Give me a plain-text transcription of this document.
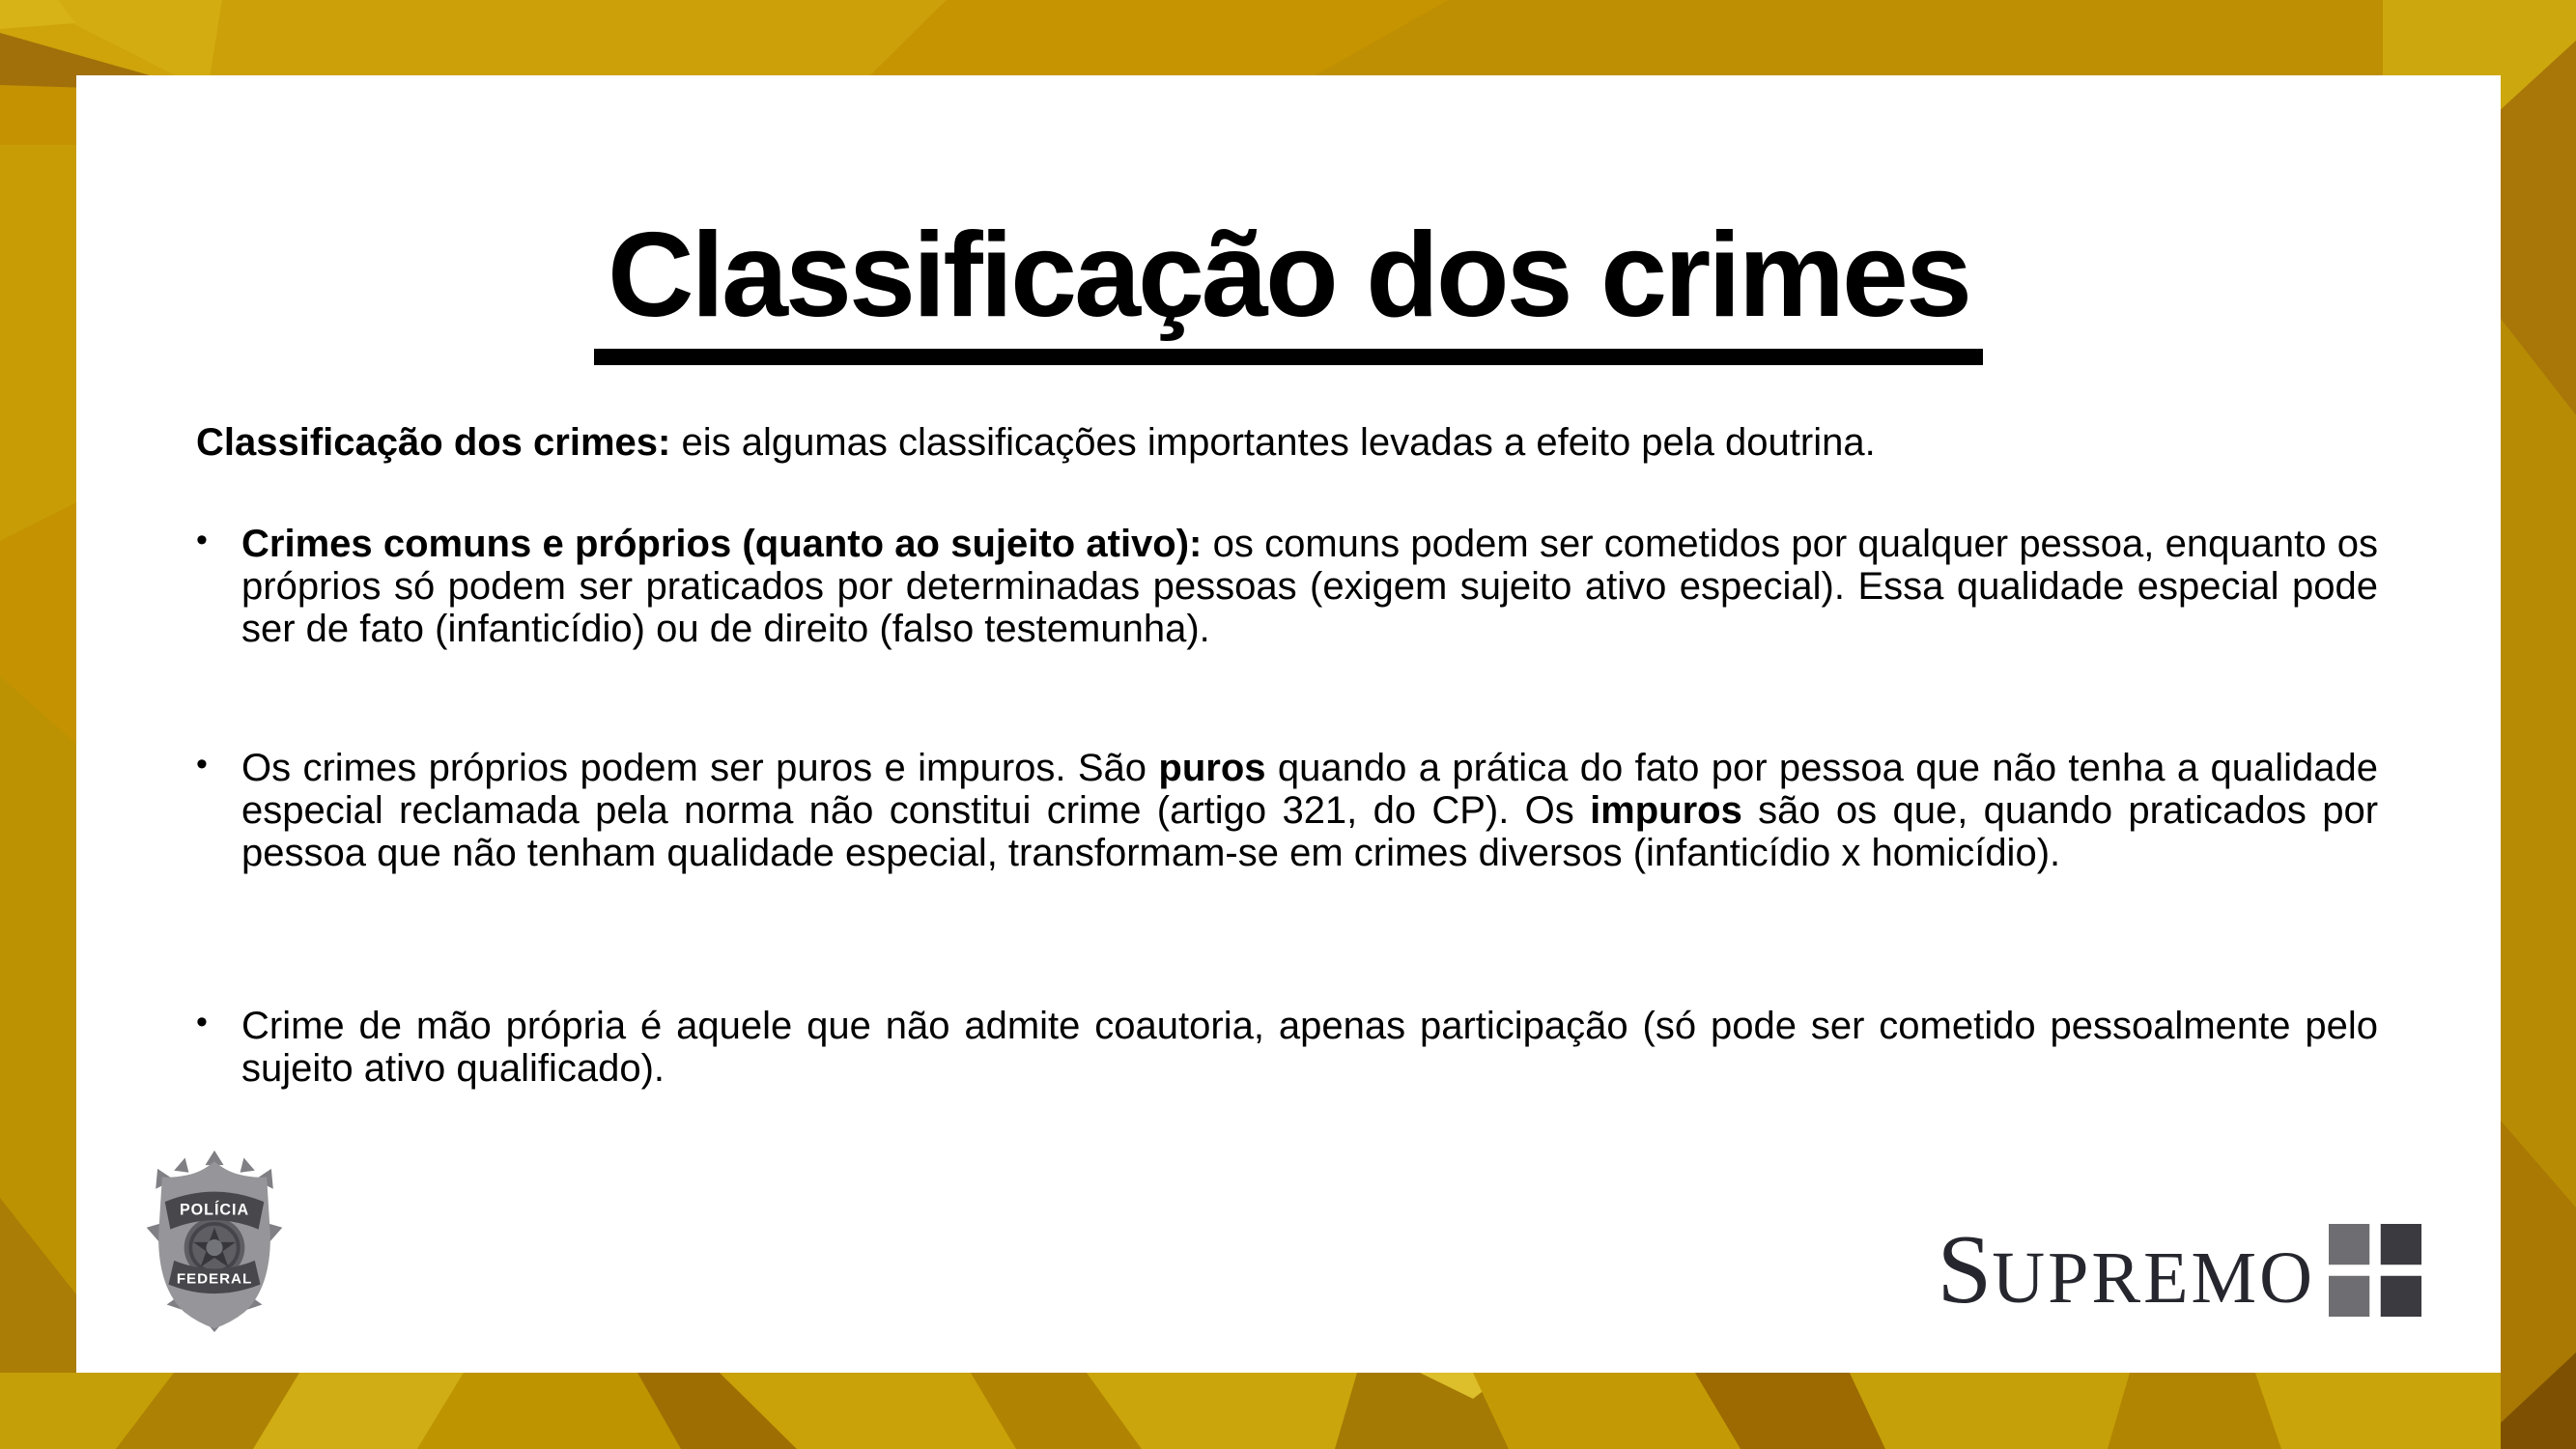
Classificação dos crimes

Classificação dos crimes: eis algumas classificações importantes levadas a efeito pela doutrina.

• Crimes comuns e próprios (quanto ao sujeito ativo): os comuns podem ser cometidos por qualquer pessoa, enquanto os próprios só podem ser praticados por determinadas pessoas (exigem sujeito ativo especial). Essa qualidade especial pode ser de fato (infanticídio) ou de direito (falso testemunha).

• Os crimes próprios podem ser puros e impuros. São puros quando a prática do fato por pessoa que não tenha a qualidade especial reclamada pela norma não constitui crime (artigo 321, do CP). Os impuros são os que, quando praticados por pessoa que não tenham qualidade especial, transformam-se em crimes diversos (infanticídio x homicídio).

• Crime de mão própria é aquele que não admite coautoria, apenas participação (só pode ser cometido pessoalmente pelo sujeito ativo qualificado).

POLÍCIA
FEDERAL	S UPREMO
